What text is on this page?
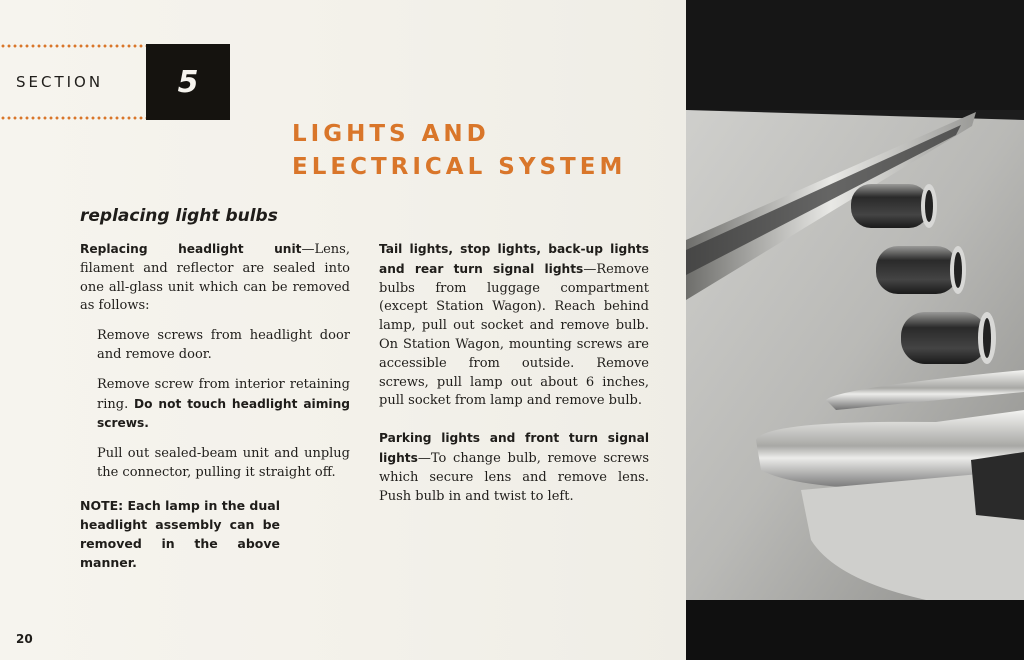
SECTION 5
LIGHTS AND
ELECTRICAL SYSTEM
replacing light bulbs

Replacing headlight unit—Lens, filament and reflector are sealed into one all-glass unit which can be removed as follows:

Remove screws from headlight door and remove door.

Remove screw from interior retaining ring. Do not touch headlight aiming screws.

Pull out sealed-beam unit and unplug the connector, pulling it straight off.

NOTE: Each lamp in the dual headlight assembly can be removed in the above manner.

Tail lights, stop lights, back-up lights and rear turn signal lights—Remove bulbs from luggage compartment (except Station Wagon). Reach behind lamp, pull out socket and remove bulb. On Station Wagon, mounting screws are accessible from outside. Remove screws, pull lamp out about 6 inches, pull socket from lamp and remove bulb.

Parking lights and front turn signal lights—To change bulb, remove screws which secure lens and remove lens. Push bulb in and twist to left.

20
